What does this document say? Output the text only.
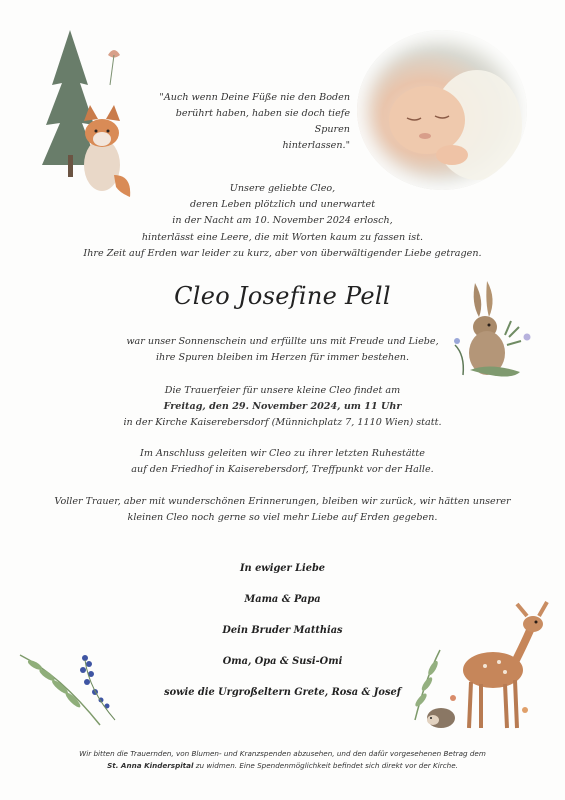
"Auch wenn Deine Füße nie den Boden
berührt haben, haben sie doch tiefe Spuren
hinterlassen."
Unsere geliebte Cleo,
deren Leben plötzlich und unerwartet
in der Nacht am 10. November 2024 erlosch,
hinterlässt eine Leere, die mit Worten kaum zu fassen ist.
Ihre Zeit auf Erden war leider zu kurz, aber von überwältigender Liebe getragen.
Cleo Josefine Pell
war unser Sonnenschein und erfüllte uns mit Freude und Liebe,
ihre Spuren bleiben im Herzen für immer bestehen.
Die Trauerfeier für unsere kleine Cleo findet am
Freitag, den 29. November 2024, um 11 Uhr
in der Kirche Kaiserebersdorf (Münnichplatz 7, 1110 Wien) statt.
Im Anschluss geleiten wir Cleo zu ihrer letzten Ruhestätte
auf den Friedhof in Kaiserebersdorf, Treffpunkt vor der Halle.
Voller Trauer, aber mit wunderschönen Erinnerungen, bleiben wir zurück, wir hätten unserer
kleinen Cleo noch gerne so viel mehr Liebe auf Erden gegeben.
In ewiger Liebe
Mama & Papa
Dein Bruder Matthias
Oma, Opa & Susi-Omi
sowie die Urgroßeltern Grete, Rosa & Josef
Wir bitten die Trauernden, von Blumen- und Kranzspenden abzusehen, und den dafür vorgesehenen Betrag dem
St. Anna Kinderspital zu widmen. Eine Spendenmöglichkeit befindet sich direkt vor der Kirche.
